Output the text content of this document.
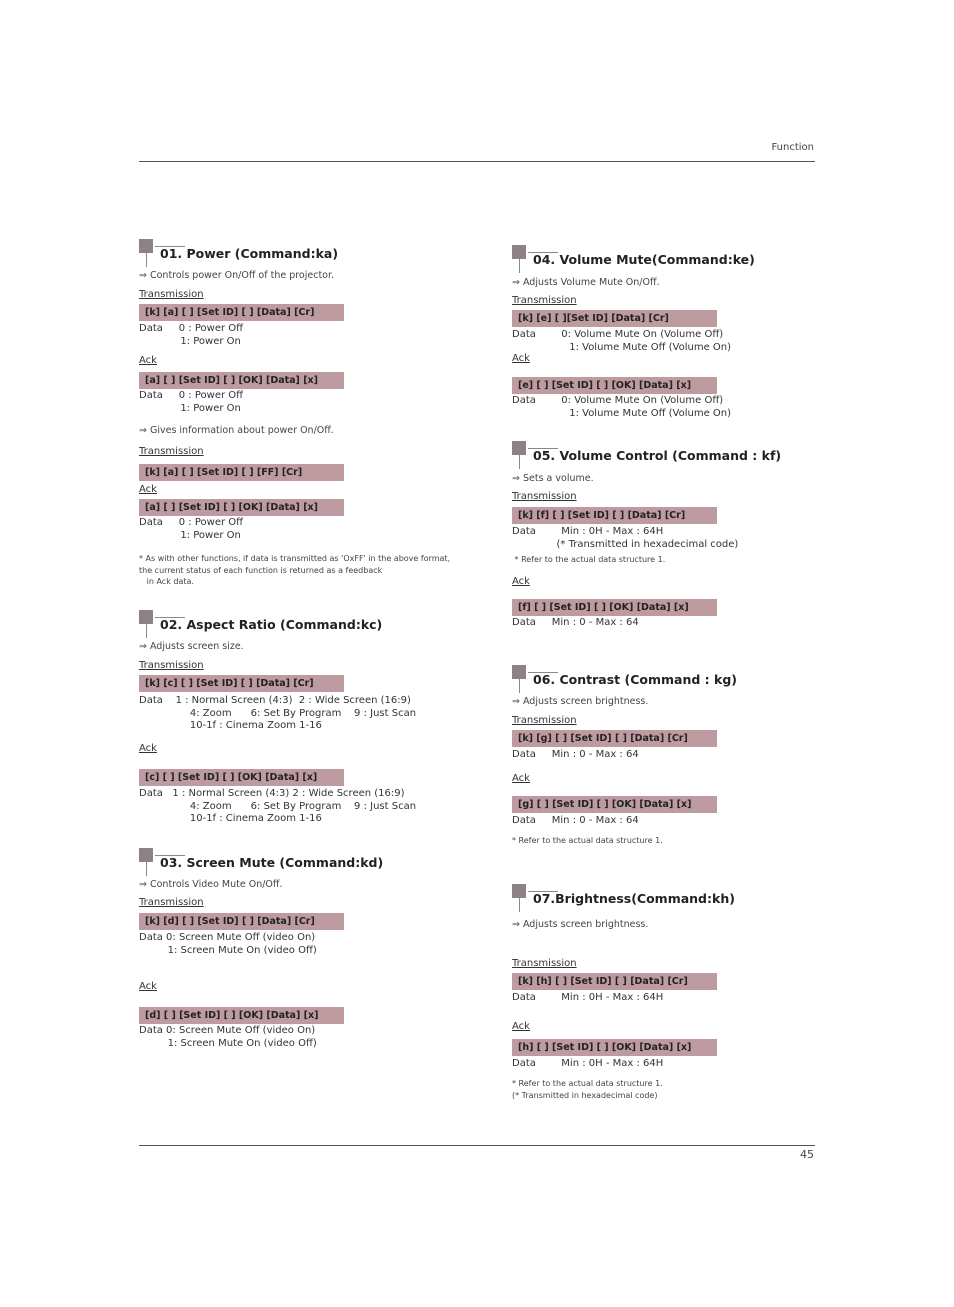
Function
45
01. Power (Command:ka)
⇒ Controls power On/Off of the projector.
Transmission
[k] [a] [ ] [Set ID] [ ] [Data] [Cr]
Data     0 : Power Off
1: Power On
Ack
[a] [ ] [Set ID] [ ] [OK] [Data] [x]
Data     0 : Power Off
1: Power On
⇒ Gives information about power On/Off.
Transmission
[k] [a] [ ] [Set ID] [ ] [FF] [Cr]
Ack
[a] [ ] [Set ID] [ ] [OK] [Data] [x]
Data     0 : Power Off
1: Power On
* As with other functions, if data is transmitted as 'OxFF' in the above format,
the current status of each function is returned as a feedback
in Ack data.
02. Aspect Ratio (Command:kc)
⇒ Adjusts screen size.
Transmission
[k] [c] [ ] [Set ID] [ ] [Data] [Cr]
Data    1 : Normal Screen (4:3)  2 : Wide Screen (16:9)
4: Zoom      6: Set By Program    9 : Just Scan
10-1f : Cinema Zoom 1-16
Ack
[c] [ ] [Set ID] [ ] [OK] [Data] [x]
Data   1 : Normal Screen (4:3) 2 : Wide Screen (16:9)
4: Zoom      6: Set By Program    9 : Just Scan
10-1f : Cinema Zoom 1-16
03. Screen Mute (Command:kd)
⇒ Controls Video Mute On/Off.
Transmission
[k] [d] [ ] [Set ID] [ ] [Data] [Cr]
Data 0: Screen Mute Off (video On)
1: Screen Mute On (video Off)
Ack
[d] [ ] [Set ID] [ ] [OK] [Data] [x]
Data 0: Screen Mute Off (video On)
1: Screen Mute On (video Off)
04. Volume Mute(Command:ke)
⇒ Adjusts Volume Mute On/Off.
Transmission
[k] [e] [ ][Set ID] [Data] [Cr]
Data        0: Volume Mute On (Volume Off)
1: Volume Mute Off (Volume On)
Ack
[e] [ ] [Set ID] [ ] [OK] [Data] [x]
Data        0: Volume Mute On (Volume Off)
1: Volume Mute Off (Volume On)
05. Volume Control (Command : kf)
⇒ Sets a volume.
Transmission
[k] [f] [ ] [Set ID] [ ] [Data] [Cr]
Data        Min : 0H - Max : 64H
(* Transmitted in hexadecimal code)
* Refer to the actual data structure 1.
Ack
[f] [ ] [Set ID] [ ] [OK] [Data] [x]
Data     Min : 0 - Max : 64
06. Contrast (Command : kg)
⇒ Adjusts screen brightness.
Transmission
[k] [g] [ ] [Set ID] [ ] [Data] [Cr]
Data     Min : 0 - Max : 64
Ack
[g] [ ] [Set ID] [ ] [OK] [Data] [x]
Data     Min : 0 - Max : 64
* Refer to the actual data structure 1.
07.Brightness(Command:kh)
⇒ Adjusts screen brightness.
Transmission
[k] [h] [ ] [Set ID] [ ] [Data] [Cr]
Data        Min : 0H - Max : 64H
Ack
[h] [ ] [Set ID] [ ] [OK] [Data] [x]
Data        Min : 0H - Max : 64H
* Refer to the actual data structure 1.
(* Transmitted in hexadecimal code)
